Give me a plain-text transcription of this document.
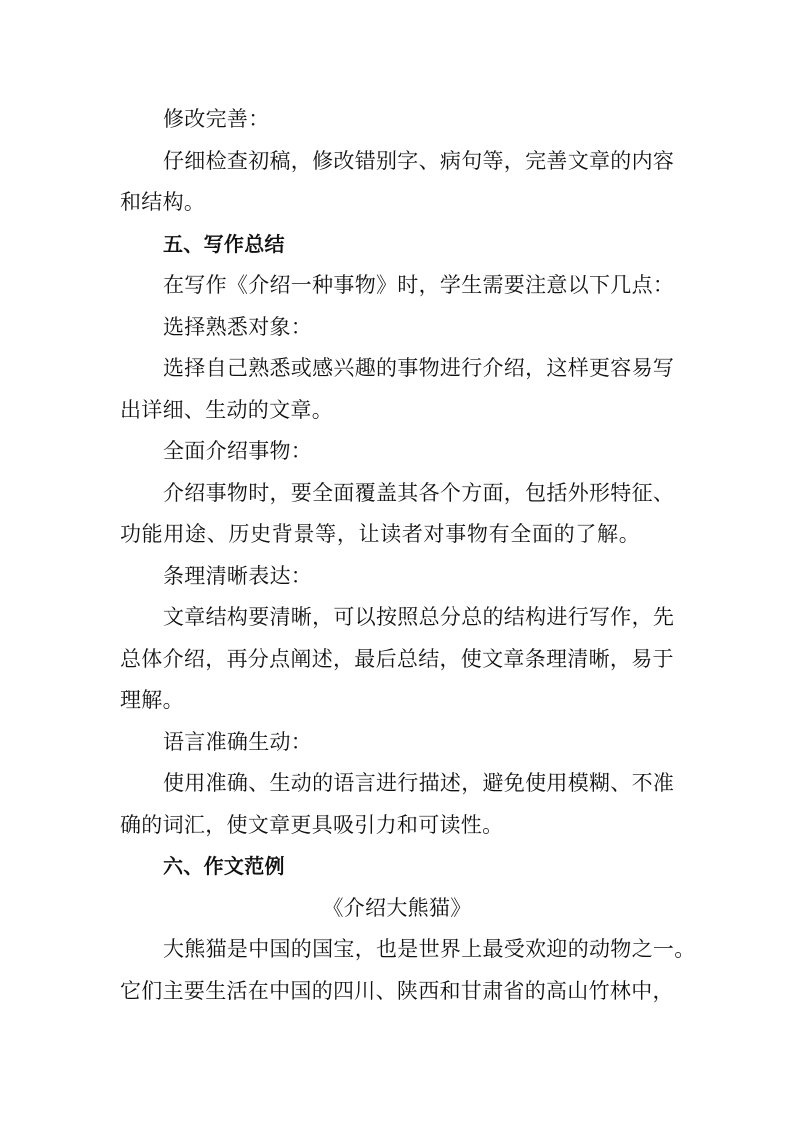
修改完善：
仔细检查初稿，修改错别字、病句等，完善文章的内容
和结构。
五、写作总结
在写作《介绍一种事物》时，学生需要注意以下几点：
选择熟悉对象：
选择自己熟悉或感兴趣的事物进行介绍，这样更容易写
出详细、生动的文章。
全面介绍事物：
介绍事物时，要全面覆盖其各个方面，包括外形特征、
功能用途、历史背景等，让读者对事物有全面的了解。
条理清晰表达：
文章结构要清晰，可以按照总分总的结构进行写作，先
总体介绍，再分点阐述，最后总结，使文章条理清晰，易于
理解。
语言准确生动：
使用准确、生动的语言进行描述，避免使用模糊、不准
确的词汇，使文章更具吸引力和可读性。
六、作文范例
《介绍大熊猫》
大熊猫是中国的国宝，也是世界上最受欢迎的动物之一。
它们主要生活在中国的四川、陕西和甘肃省的高山竹林中，
